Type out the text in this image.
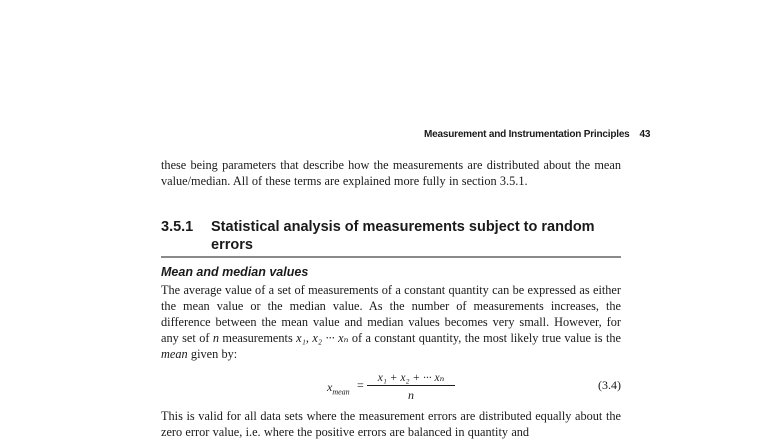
Measurement and Instrumentation Principles 43
these being parameters that describe how the measurements are distributed about the mean value/median. All of these terms are explained more fully in section 3.5.1.
3.5.1	Statistical analysis of measurements subject to random errors
Mean and median values
The average value of a set of measurements of a constant quantity can be expressed as either the mean value or the median value. As the number of measurements increases, the difference between the mean value and median values becomes very small. However, for any set of n measurements x₁, x₂ ··· xₙ of a constant quantity, the most likely true value is the mean given by:
$x_{mean}$ =	x₁ + x₂ + ··· xₙ
n
(3.4)
This is valid for all data sets where the measurement errors are distributed equally about the zero error value, i.e. where the positive errors are balanced in quantity and
